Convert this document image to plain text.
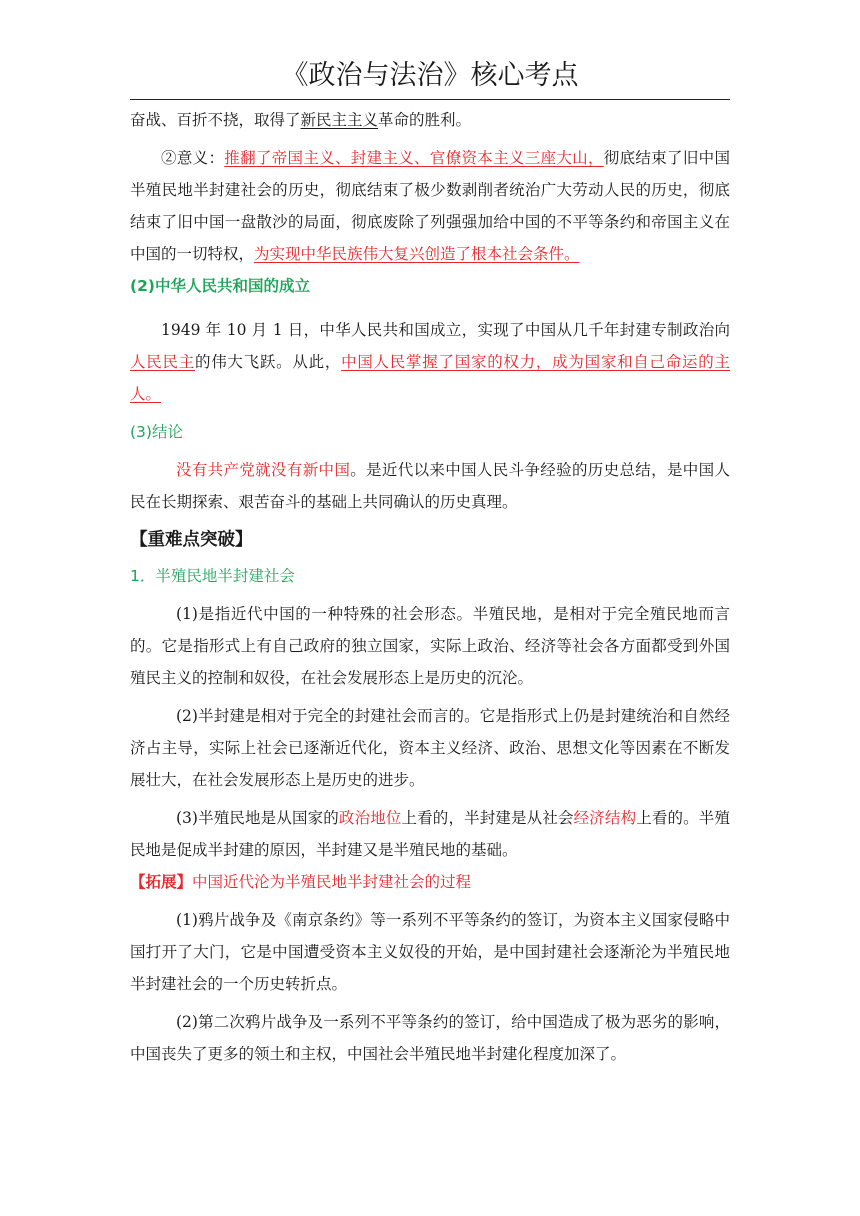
《政治与法治》核心考点

奋战、百折不挠，取得了新民主主义革命的胜利。

②意义：推翻了帝国主义、封建主义、官僚资本主义三座大山，彻底结束了旧中国半殖民地半封建社会的历史，彻底结束了极少数剥削者统治广大劳动人民的历史，彻底结束了旧中国一盘散沙的局面，彻底废除了列强强加给中国的不平等条约和帝国主义在中国的一切特权，为实现中华民族伟大复兴创造了根本社会条件。

(2)中华人民共和国的成立

1949 年 10 月 1 日，中华人民共和国成立，实现了中国从几千年封建专制政治向人民民主的伟大飞跃。从此，中国人民掌握了国家的权力，成为国家和自己命运的主人。

(3)结论

没有共产党就没有新中国。是近代以来中国人民斗争经验的历史总结，是中国人民在长期探索、艰苦奋斗的基础上共同确认的历史真理。

【重难点突破】
1．半殖民地半封建社会

(1)是指近代中国的一种特殊的社会形态。半殖民地，是相对于完全殖民地而言的。它是指形式上有自己政府的独立国家，实际上政治、经济等社会各方面都受到外国殖民主义的控制和奴役，在社会发展形态上是历史的沉沦。

(2)半封建是相对于完全的封建社会而言的。它是指形式上仍是封建统治和自然经济占主导，实际上社会已逐渐近代化，资本主义经济、政治、思想文化等因素在不断发展壮大，在社会发展形态上是历史的进步。

(3)半殖民地是从国家的政治地位上看的，半封建是从社会经济结构上看的。半殖民地是促成半封建的原因，半封建又是半殖民地的基础。

【拓展】中国近代沦为半殖民地半封建社会的过程

(1)鸦片战争及《南京条约》等一系列不平等条约的签订，为资本主义国家侵略中国打开了大门，它是中国遭受资本主义奴役的开始，是中国封建社会逐渐沦为半殖民地半封建社会的一个历史转折点。

(2)第二次鸦片战争及一系列不平等条约的签订，给中国造成了极为恶劣的影响，中国丧失了更多的领土和主权，中国社会半殖民地半封建化程度加深了。
